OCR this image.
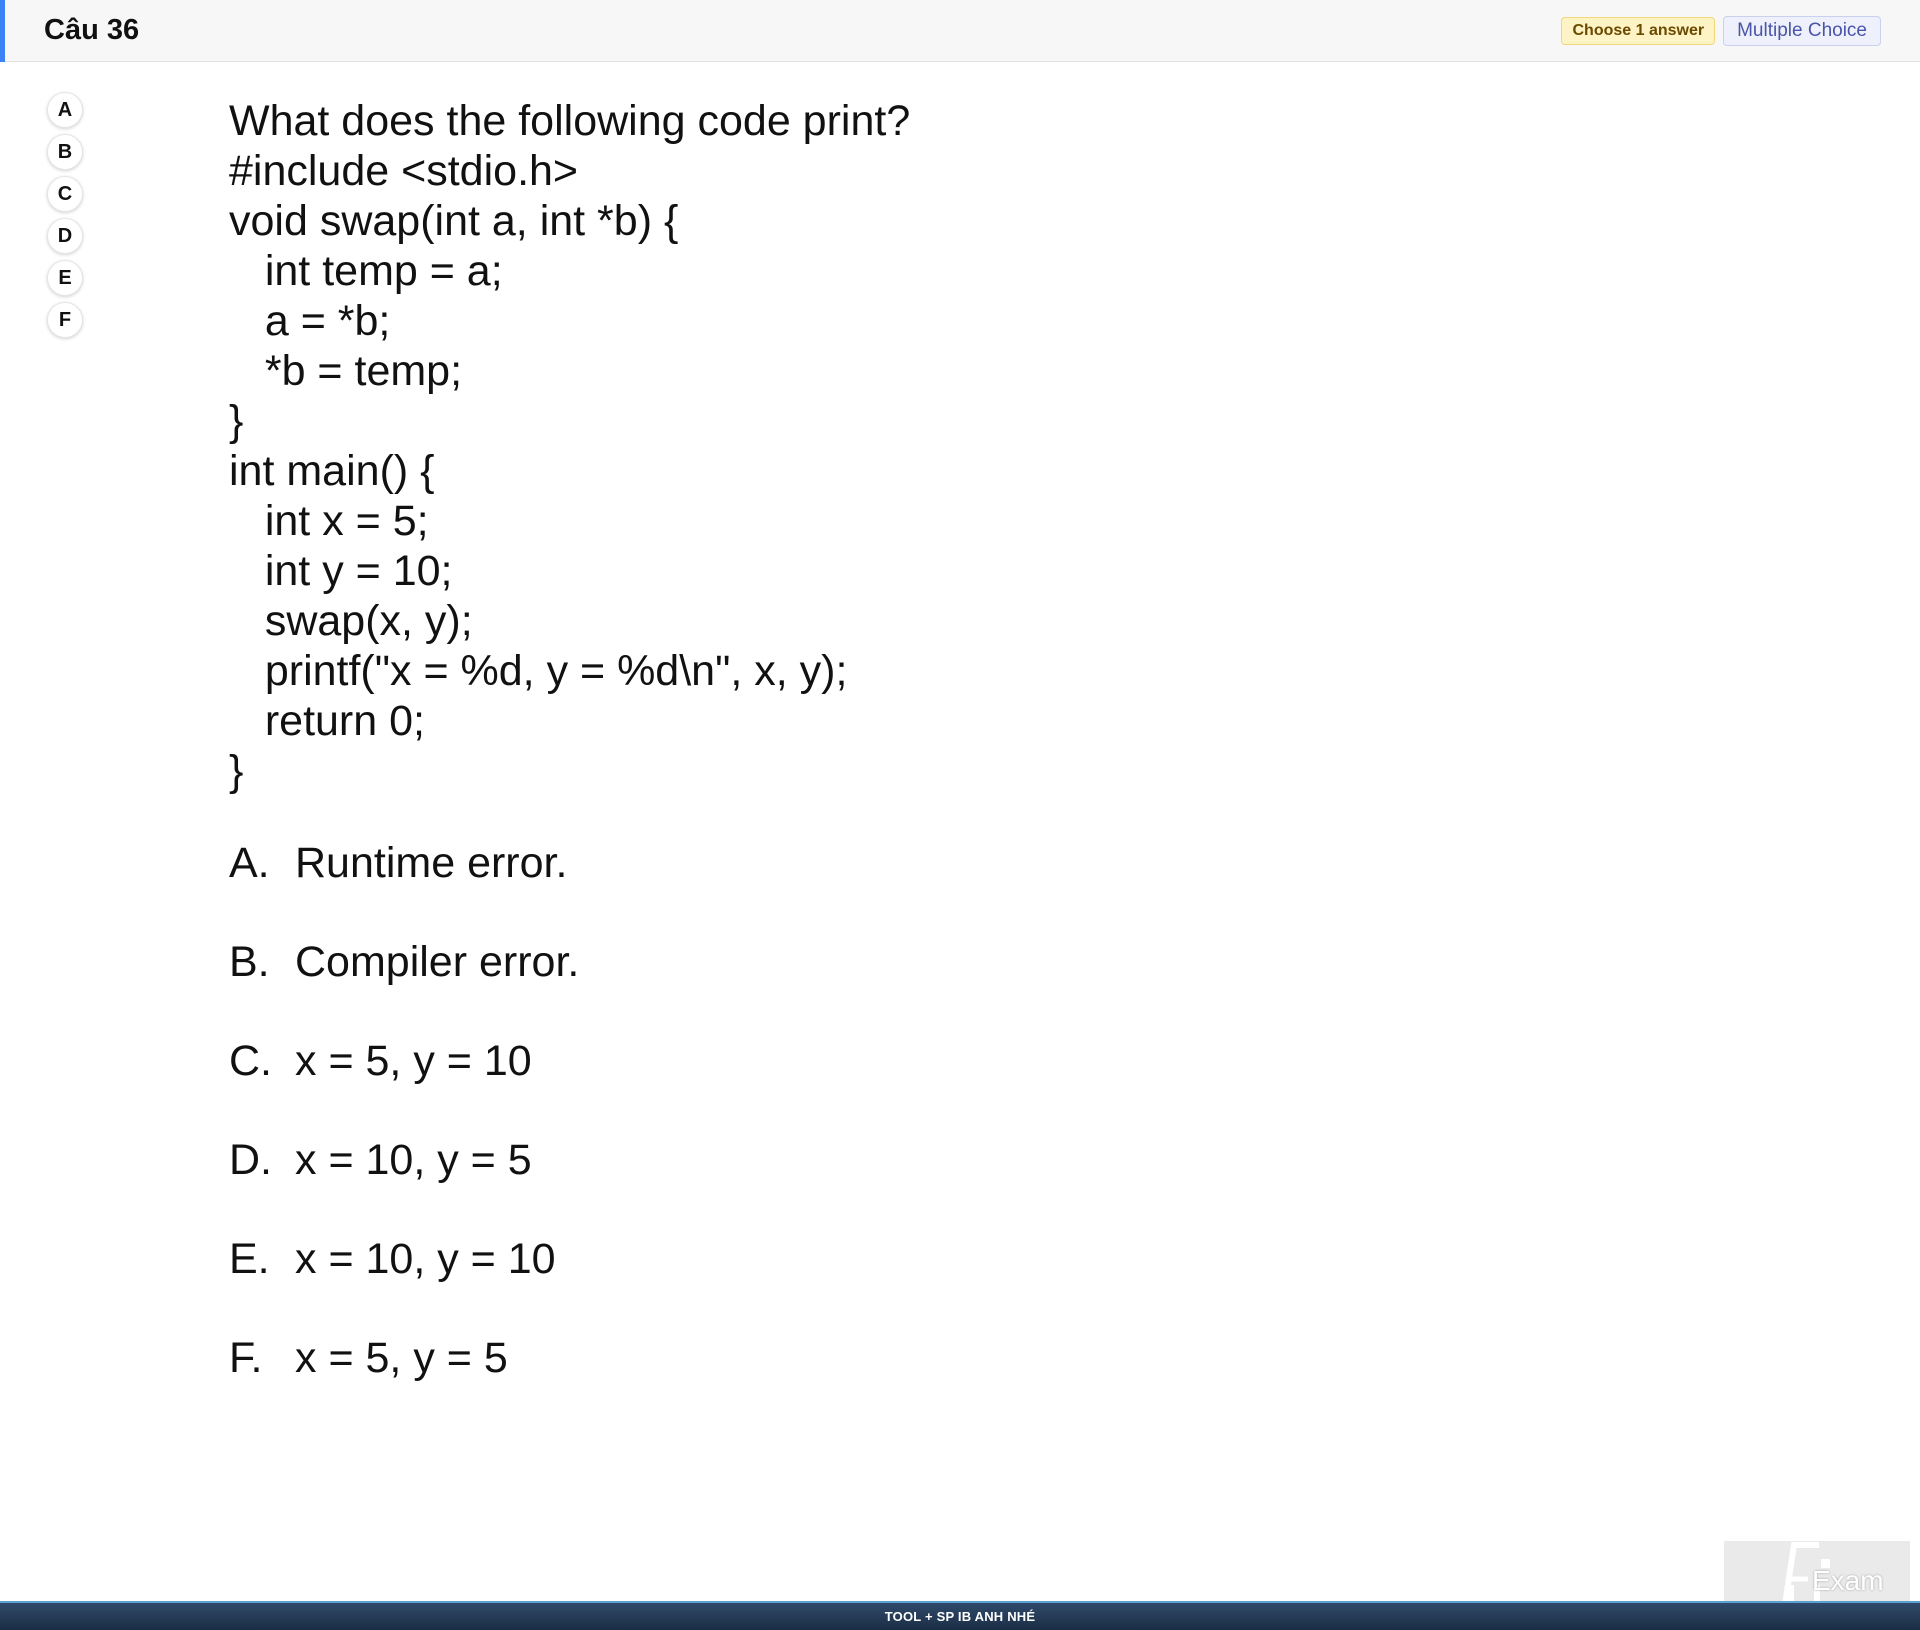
Câu 36	Choose 1 answer	Multiple Choice
A
B
C
D
E
F
What does the following code print?
#include <stdio.h>
void swap(int a, int *b) {
int temp = a;
a = *b;
*b = temp;
}
int main() {
int x = 5;
int y = 10;
swap(x, y);
printf("x = %d, y = %d\n", x, y);
return 0;
}
A. Runtime error.
B. Compiler error.
C. x = 5, y = 10
D. x = 10, y = 5
E. x = 10, y = 10
F. x = 5, y = 5
Exam
TOOL + SP IB ANH NHÉ
